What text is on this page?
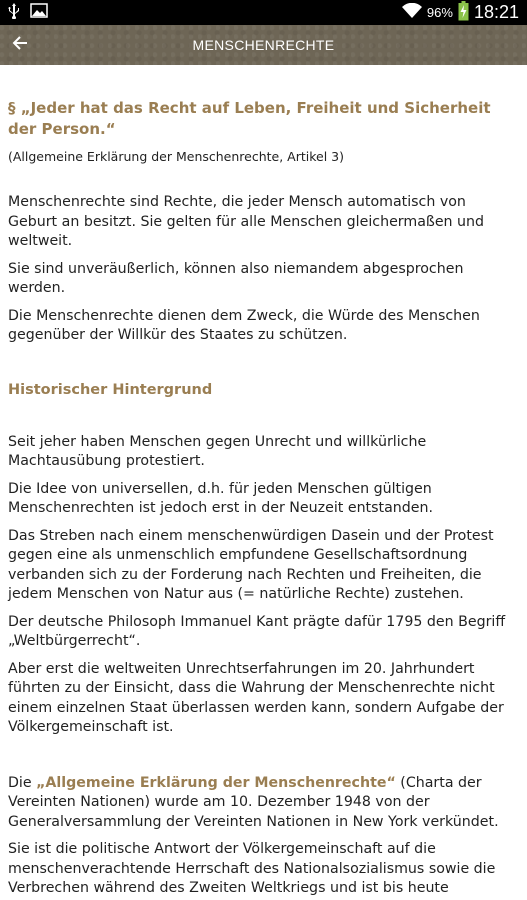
96% 18:21
MENSCHENRECHTE
§ „Jeder hat das Recht auf Leben, Freiheit und Sicherheit der Person.“
(Allgemeine Erklärung der Menschenrechte, Artikel 3)

Menschenrechte sind Rechte, die jeder Mensch automatisch von Geburt an besitzt. Sie gelten für alle Menschen gleichermaßen und weltweit.

Sie sind unveräußerlich, können also niemandem abgesprochen werden.

Die Menschenrechte dienen dem Zweck, die Würde des Menschen gegenüber der Willkür des Staates zu schützen.

Historischer Hintergrund

Seit jeher haben Menschen gegen Unrecht und willkürliche Machtausübung protestiert.

Die Idee von universellen, d.h. für jeden Menschen gültigen Menschenrechten ist jedoch erst in der Neuzeit entstanden.

Das Streben nach einem menschenwürdigen Dasein und der Protest gegen eine als unmenschlich empfundene Gesellschaftsordnung verbanden sich zu der Forderung nach Rechten und Freiheiten, die jedem Menschen von Natur aus (= natürliche Rechte) zustehen.

Der deutsche Philosoph Immanuel Kant prägte dafür 1795 den Begriff „Weltbürgerrecht“.

Aber erst die weltweiten Unrechtserfahrungen im 20. Jahrhundert führten zu der Einsicht, dass die Wahrung der Menschenrechte nicht einem einzelnen Staat überlassen werden kann, sondern Aufgabe der Völkergemeinschaft ist.

Die „Allgemeine Erklärung der Menschenrechte“ (Charta der Vereinten Nationen) wurde am 10. Dezember 1948 von der Generalversammlung der Vereinten Nationen in New York verkündet.

Sie ist die politische Antwort der Völkergemeinschaft auf die menschenverachtende Herrschaft des Nationalsozialismus sowie die Verbrechen während des Zweiten Weltkriegs und ist bis heute
